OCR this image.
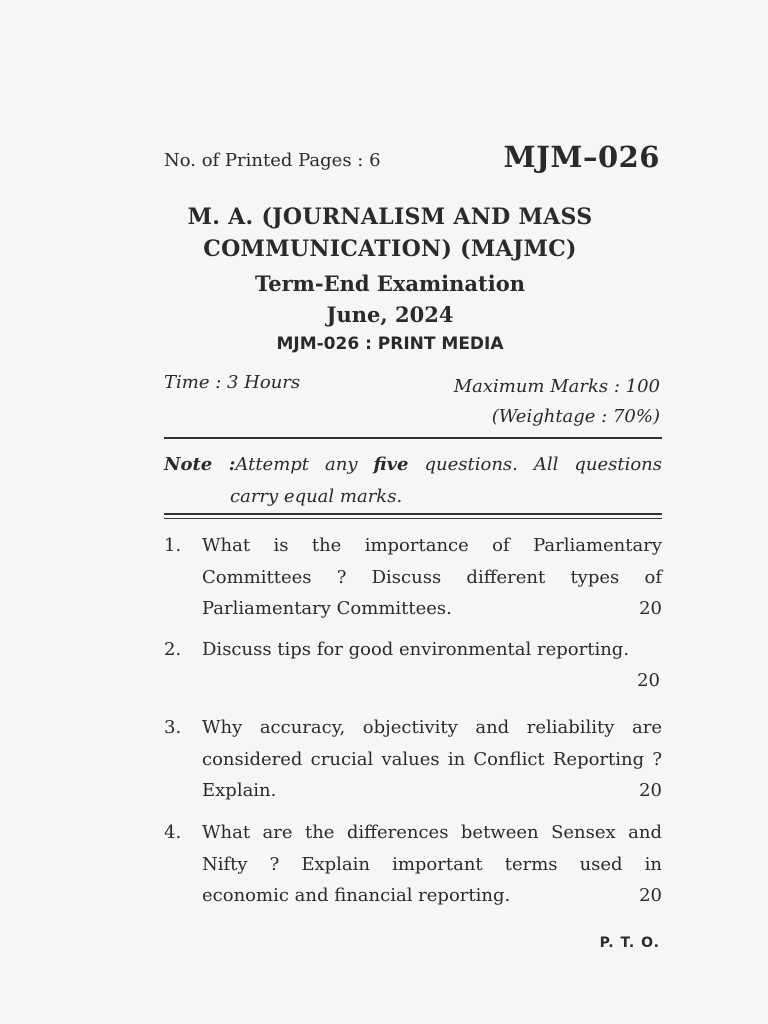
No. of Printed Pages : 6	MJM–026
M. A. (JOURNALISM AND MASS
COMMUNICATION) (MAJMC)
Term-End Examination
June, 2024
MJM-026 : PRINT MEDIA
Time : 3 Hours	Maximum Marks : 100
(Weightage : 70%)
Note :Attempt any five questions. All questions
carry equal marks.
1.	What is the importance of Parliamentary
Committees ? Discuss different types of
Parliamentary Committees.	20
2.	Discuss tips for good environmental reporting.
20
3.	Why accuracy, objectivity and reliability are
considered crucial values in Conflict Reporting ?
Explain.	20
4.	What are the differences between Sensex and
Nifty ? Explain important terms used in
economic and financial reporting.	20
P. T. O.
